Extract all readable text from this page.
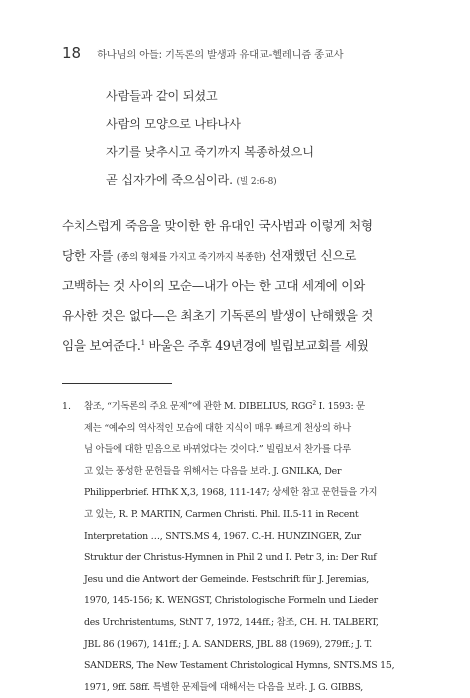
18 하나님의 아들: 기독론의 발생과 유대교-헬레니즘 종교사
사람들과 같이 되셨고
사람의 모양으로 나타나사
자기를 낮추시고 죽기까지 복종하셨으니
곧 십자가에 죽으심이라. (빌 2:6-8)
수치스럽게 죽음을 맞이한 한 유대인 국사범과 이렇게 처형
당한 자를 (종의 형체를 가지고 죽기까지 복종한) 선재했던 신으로
고백하는 것 사이의 모순—내가 아는 한 고대 세계에 이와
유사한 것은 없다—은 최초기 기독론의 발생이 난해했을 것
임을 보여준다.$^1$ 바울은 주후 49년경에 빌립보교회를 세웠
1. 참조, “기독론의 주요 문제”에 관한 M. DIBELIUS, RGG$^2$ I. 1593: 문
제는 “예수의 역사적인 모습에 대한 지식이 매우 빠르게 천상의 하나
님 아들에 대한 믿음으로 바뀌었다는 것이다.” 빌립보서 찬가를 다루
고 있는 풍성한 문헌들을 위해서는 다음을 보라. J. GNILKA, Der
Philipperbrief. HThK X,3, 1968, 111-147; 상세한 참고 문헌들을 가지
고 있는, R. P. MARTIN, Carmen Christi. Phil. II.5-11 in Recent
Interpretation …, SNTS.MS 4, 1967. C.-H. HUNZINGER, Zur
Struktur der Christus-Hymnen in Phil 2 und I. Petr 3, in: Der Ruf
Jesu und die Antwort der Gemeinde. Festschrift für J. Jeremias,
1970, 145-156; K. WENGST, Christologische Formeln und Lieder
des Urchristentums, StNT 7, 1972, 144ff.; 참조, CH. H. TALBERT,
JBL 86 (1967), 141ff.; J. A. SANDERS, JBL 88 (1969), 279ff.; J. T.
SANDERS, The New Testament Christological Hymns, SNTS.MS 15,
1971, 9ff. 58ff. 특별한 문제들에 대해서는 다음을 보라. J. G. GIBBS,
